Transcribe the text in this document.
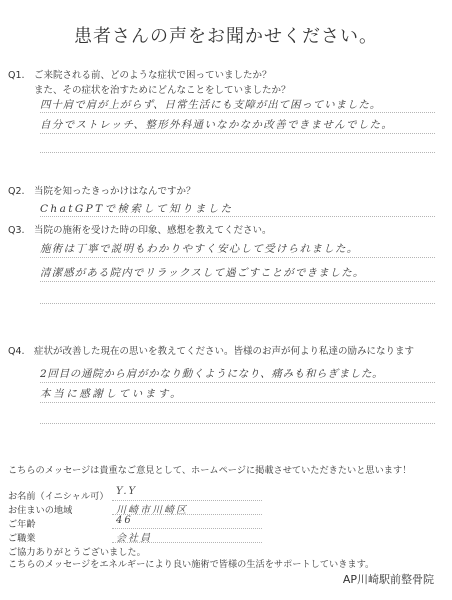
患者さんの声をお聞かせください。
Q1. ご来院される前、どのような症状で困っていましたか？
また、その症状を治すためにどんなことをしていましたか？
四十肩で肩が上がらず、日常生活にも支障が出て困っていました。
自分でストレッチ、整形外科通いなかなか改善できませんでした。
Q2. 当院を知ったきっかけはなんですか？
ChatGPTで検索して知りました
Q3. 当院の施術を受けた時の印象、感想を教えてください。
施術は丁寧で説明もわかりやすく安心して受けられました。
清潔感がある院内でリラックスして過ごすことができました。
Q4. 症状が改善した現在の思いを教えてください。皆様のお声が何より私達の励みになります
2回目の通院から肩がかなり動くようになり、痛みも和らぎました。
本当に感謝しています。
こちらのメッセージは貴重なご意見として、ホームページに掲載させていただきたいと思います！
お名前（イニシャル可） Y.Y
お住まいの地域	川崎市川崎区
ご年齢	46
ご職業	会社員
ご協力ありがとうございました。
こちらのメッセージをエネルギーにより良い施術で皆様の生活をサポートしていきます。
AP川崎駅前整骨院
